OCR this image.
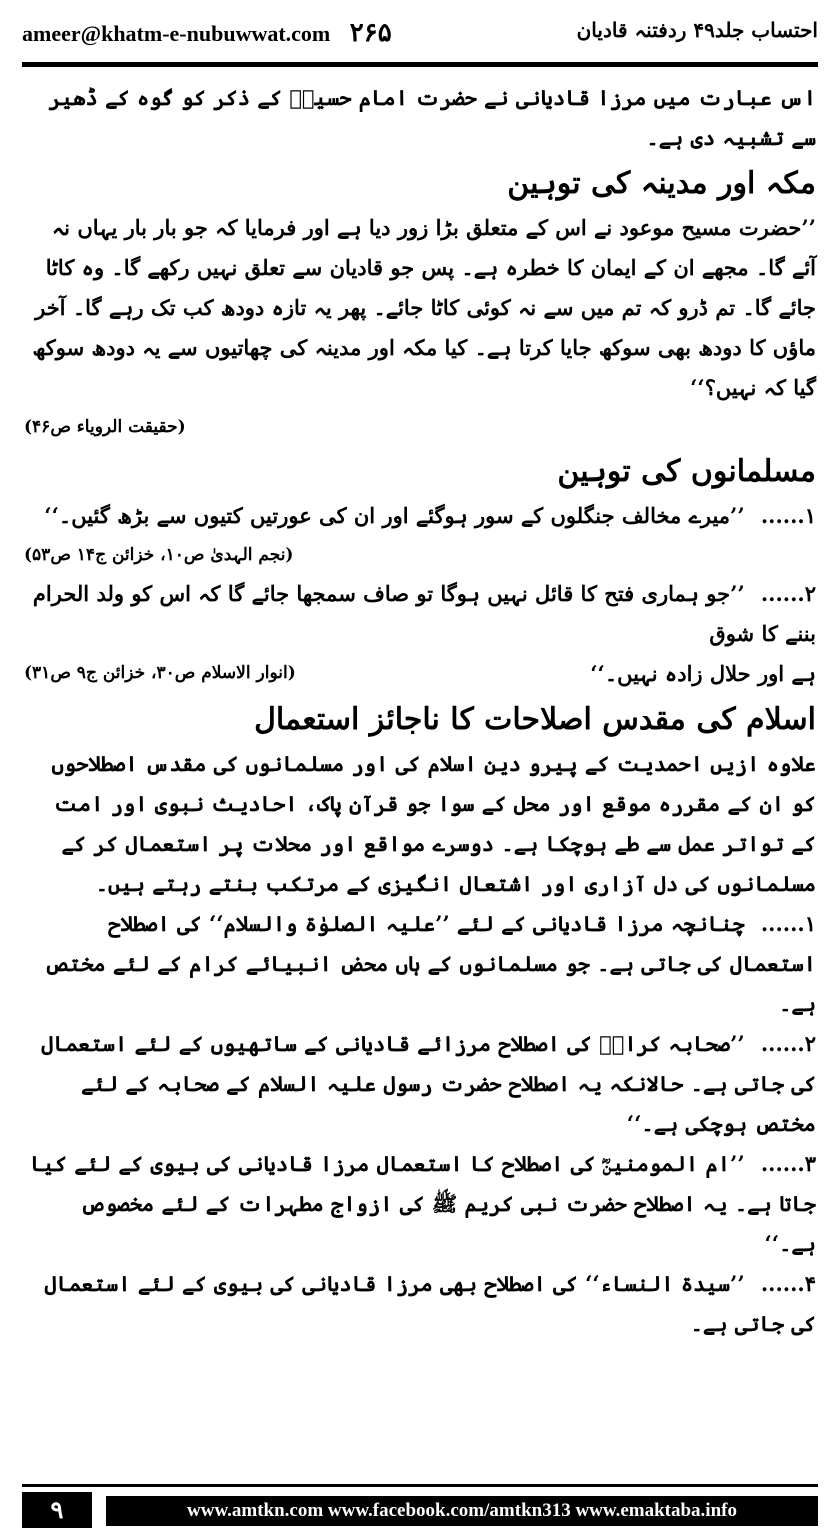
ameer@khatm-e-nubuwwat.com ۲۶۵	احتساب جلد۴۹ ردفتنہ قادیان

اس عبارت میں مرزا قادیانی نے حضرت امام حسینؓ کے ذکر کو گوہ کے ڈھیر سے تشبیہ دی ہے۔

مکہ اور مدینہ کی توہین

’’حضرت مسیح موعود نے اس کے متعلق بڑا زور دیا ہے اور فرمایا کہ جو بار بار یہاں نہ آئے گا۔ مجھے ان کے ایمان کا خطرہ ہے۔ پس جو قادیان سے تعلق نہیں رکھے گا۔ وہ کاٹا جائے گا۔ تم ڈرو کہ تم میں سے نہ کوئی کاٹا جائے۔ پھر یہ تازہ دودھ کب تک رہے گا۔ آخر ماؤں کا دودھ بھی سوکھ جایا کرتا ہے۔ کیا مکہ اور مدینہ کی چھاتیوں سے یہ دودھ سوکھ گیا کہ نہیں؟‘‘

(حقیقت الرویاء ص۴۶)

مسلمانوں کی توہین

۱...... ’’میرے مخالف جنگلوں کے سور ہوگئے اور ان کی عورتیں کتیوں سے بڑھ گئیں۔‘‘

(نجم الہدیٰ ص۱۰، خزائن ج۱۴ ص۵۳)

۲...... ’’جو ہماری فتح کا قائل نہیں ہوگا تو صاف سمجھا جائے گا کہ اس کو ولد الحرام بننے کا شوق

ہے اور حلال زادہ نہیں۔‘‘
(انوار الاسلام ص۳۰، خزائن ج۹ ص۳۱)

اسلام کی مقدس اصلاحات کا ناجائز استعمال

علاوہ ازیں احمدیت کے پیرو دین اسلام کی اور مسلمانوں کی مقدس اصطلاحوں کو ان کے مقررہ موقع اور محل کے سوا جو قرآن پاک، احادیث نبوی اور امت کے تواتر عمل سے طے ہوچکا ہے۔ دوسرے مواقع اور محلات پر استعمال کر کے مسلمانوں کی دل آزاری اور اشتعال انگیزی کے مرتکب بنتے رہتے ہیں۔

۱...... چنانچہ مرزا قادیانی کے لئے ’’علیہ الصلوٰۃ والسلام‘‘ کی اصطلاح استعمال کی جاتی ہے۔ جو مسلمانوں کے ہاں محض انبیائے کرام کے لئے مختص ہے۔

۲...... ’’صحابہ کرامؓ کی اصطلاح مرزائے قادیانی کے ساتھیوں کے لئے استعمال کی جاتی ہے۔ حالانکہ یہ اصطلاح حضرت رسول علیہ السلام کے صحابہ کے لئے مختص ہوچکی ہے۔‘‘

۳...... ’’ام المومنینؓ کی اصطلاح کا استعمال مرزا قادیانی کی بیوی کے لئے کیا جاتا ہے۔ یہ اصطلاح حضرت نبی کریم ﷺ کی ازواج مطہرات کے لئے مخصوص ہے۔‘‘

۴...... ’’سیدۃ النساء‘‘ کی اصطلاح بھی مرزا قادیانی کی بیوی کے لئے استعمال کی جاتی ہے۔

۹	www.amtkn.com www.facebook.com/amtkn313 www.emaktaba.info
